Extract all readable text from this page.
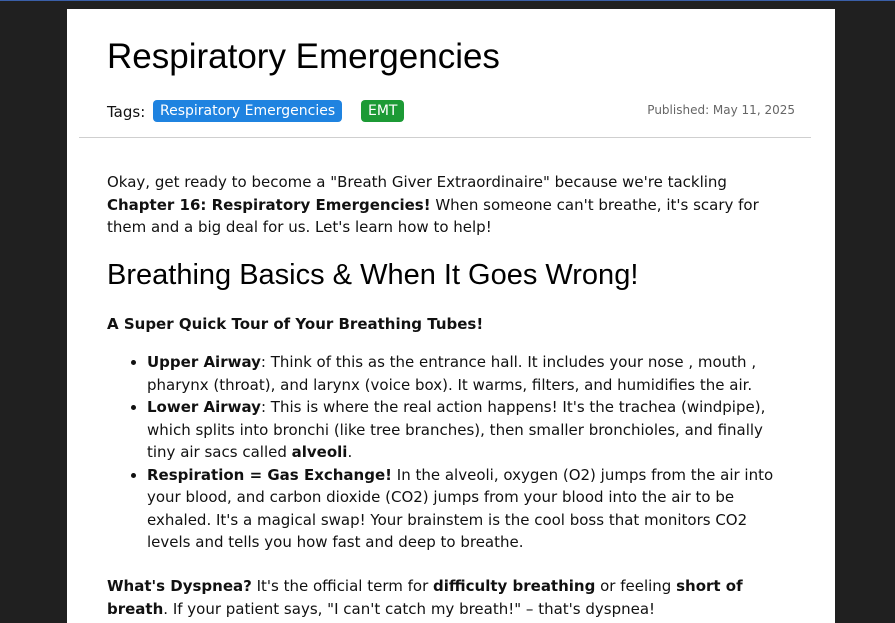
Respiratory Emergencies
Tags:	Respiratory Emergencies	EMT	Published: May 11, 2025

Okay, get ready to become a "Breath Giver Extraordinaire" because we're tackling Chapter 16: Respiratory Emergencies! When someone can't breathe, it's scary for them and a big deal for us. Let's learn how to help!

Breathing Basics & When It Goes Wrong!

A Super Quick Tour of Your Breathing Tubes!

• Upper Airway: Think of this as the entrance hall. It includes your nose , mouth , pharynx (throat), and larynx (voice box). It warms, filters, and humidifies the air.
• Lower Airway: This is where the real action happens! It's the trachea (windpipe), which splits into bronchi (like tree branches), then smaller bronchioles, and finally tiny air sacs called alveoli.
• Respiration = Gas Exchange! In the alveoli, oxygen (O2) jumps from the air into your blood, and carbon dioxide (CO2) jumps from your blood into the air to be exhaled. It's a magical swap! Your brainstem is the cool boss that monitors CO2 levels and tells you how fast and deep to breathe.

What's Dyspnea? It's the official term for difficulty breathing or feeling short of breath. If your patient says, "I can't catch my breath!" – that's dyspnea!
